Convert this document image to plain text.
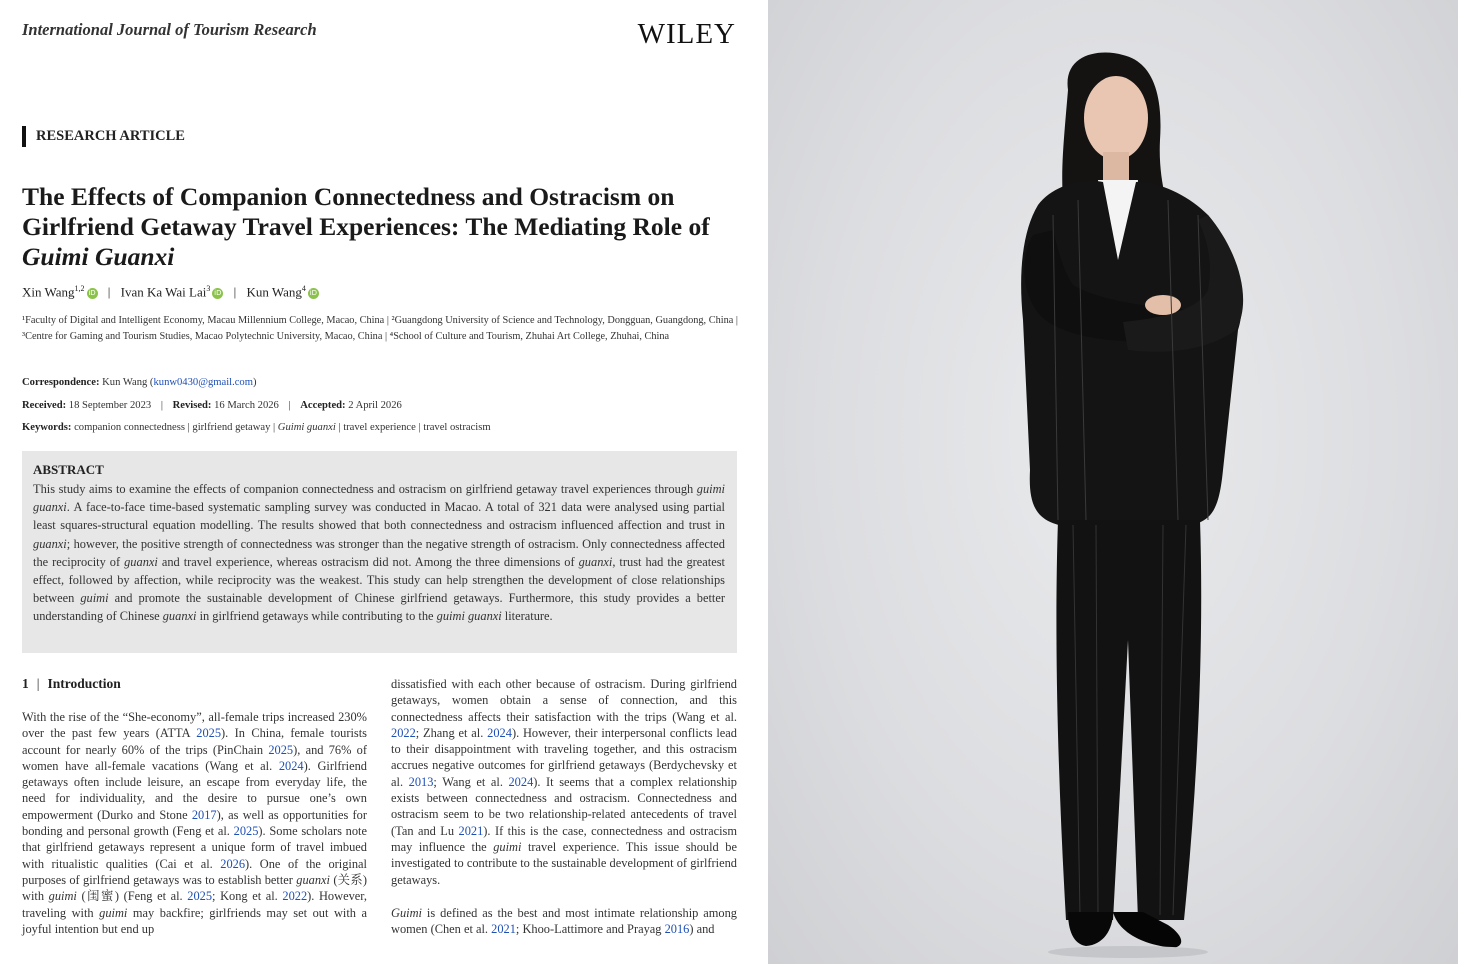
International Journal of Tourism Research	WILEY
RESEARCH ARTICLE
The Effects of Companion Connectedness and Ostracism on Girlfriend Getaway Travel Experiences: The Mediating Role of Guimi Guanxi
Xin Wang$^{1,2}$iD | Ivan Ka Wai Lai$^3$iD | Kun Wang$^4$iD

¹Faculty of Digital and Intelligent Economy, Macau Millennium College, Macao, China | ²Guangdong University of Science and Technology, Dongguan, Guangdong, China | ³Centre for Gaming and Tourism Studies, Macao Polytechnic University, Macao, China | ⁴School of Culture and Tourism, Zhuhai Art College, Zhuhai, China

Correspondence: Kun Wang (kunw0430@gmail.com)
Received: 18 September 2023 | Revised: 16 March 2026 | Accepted: 2 April 2026
Keywords: companion connectedness | girlfriend getaway | Guimi guanxi | travel experience | travel ostracism
ABSTRACT

This study aims to examine the effects of companion connectedness and ostracism on girlfriend getaway travel experiences through guimi guanxi. A face-to-face time-based systematic sampling survey was conducted in Macao. A total of 321 data were analysed using partial least squares-structural equation modelling. The results showed that both connectedness and ostracism influenced affection and trust in guanxi; however, the positive strength of connectedness was stronger than the negative strength of ostracism. Only connectedness affected the reciprocity of guanxi and travel experience, whereas ostracism did not. Among the three dimensions of guanxi, trust had the greatest effect, followed by affection, while reciprocity was the weakest. This study can help strengthen the development of close relationships between guimi and promote the sustainable development of Chinese girlfriend getaways. Furthermore, this study provides a better understanding of Chinese guanxi in girlfriend getaways while contributing to the guimi guanxi literature.

1 | Introduction

With the rise of the “She-economy”, all-female trips increased 230% over the past few years (ATTA 2025). In China, female tourists account for nearly 60% of the trips (PinChain 2025), and 76% of women have all-female vacations (Wang et al. 2024). Girlfriend getaways often include leisure, an escape from everyday life, the need for individuality, and the desire to pursue one’s own empowerment (Durko and Stone 2017), as well as opportunities for bonding and personal growth (Feng et al. 2025). Some scholars note that girlfriend getaways represent a unique form of travel imbued with ritualistic qualities (Cai et al. 2026). One of the original purposes of girlfriend getaways was to establish better guanxi (关系) with guimi (闺蜜) (Feng et al. 2025; Kong et al. 2022). However, traveling with guimi may backfire; girlfriends may set out with a joyful intention but end up

dissatisfied with each other because of ostracism. During girlfriend getaways, women obtain a sense of connection, and this connectedness affects their satisfaction with the trips (Wang et al. 2022; Zhang et al. 2024). However, their interpersonal conflicts lead to their disappointment with traveling together, and this ostracism accrues negative outcomes for girlfriend getaways (Berdychevsky et al. 2013; Wang et al. 2024). It seems that a complex relationship exists between connectedness and ostracism. Connectedness and ostracism seem to be two relationship-related antecedents of travel (Tan and Lu 2021). If this is the case, connectedness and ostracism may influence the guimi travel experience. This issue should be investigated to contribute to the sustainable development of girlfriend getaways.

Guimi is defined as the best and most intimate relationship among women (Chen et al. 2021; Khoo-Lattimore and Prayag 2016) and
